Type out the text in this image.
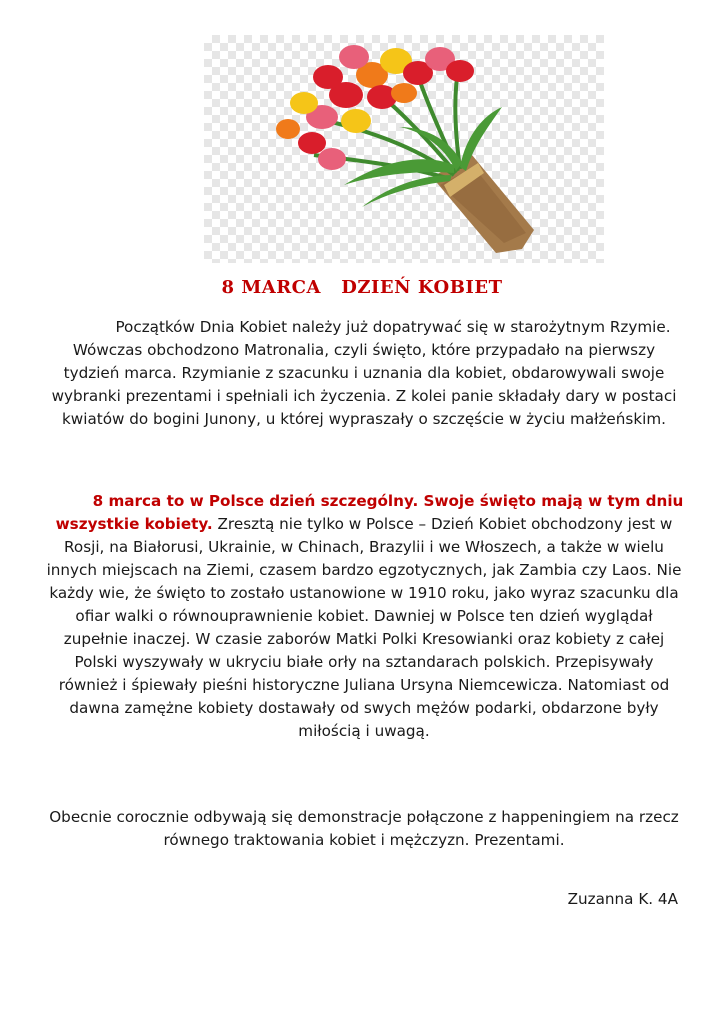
8 MARCA   DZIEŃ KOBIET

Początków Dnia Kobiet należy już dopatrywać się w starożytnym Rzymie. Wówczas obchodzono Matronalia, czyli święto, które przypadało na pierwszy tydzień marca. Rzymianie z szacunku i uznania dla kobiet, obdarowywali swoje wybranki prezentami i spełniali ich życzenia. Z kolei panie składały dary w postaci kwiatów do bogini Junony, u której wypraszały o szczęście w życiu małżeńskim.

8 marca to w Polsce dzień szczególny. Swoje święto mają w tym dniu wszystkie kobiety. Zresztą nie tylko w Polsce – Dzień Kobiet obchodzony jest w Rosji, na Białorusi, Ukrainie, w Chinach, Brazylii i we Włoszech, a także w wielu innych miejscach na Ziemi, czasem bardzo egzotycznych, jak Zambia czy Laos. Nie każdy wie, że święto to zostało ustanowione w 1910 roku, jako wyraz szacunku dla ofiar walki o równouprawnienie kobiet. Dawniej w Polsce ten dzień wyglądał zupełnie inaczej. W czasie zaborów Matki Polki Kresowianki oraz kobiety z całej Polski wyszywały w ukryciu białe orły na sztandarach polskich. Przepisywały również i śpiewały pieśni historyczne Juliana Ursyna Niemcewicza. Natomiast od dawna zamężne kobiety dostawały od swych mężów podarki, obdarzone były miłością i uwagą.

Obecnie corocznie odbywają się demonstracje połączone z happeningiem na rzecz równego traktowania kobiet i mężczyzn. Prezentami.

Zuzanna K. 4A
